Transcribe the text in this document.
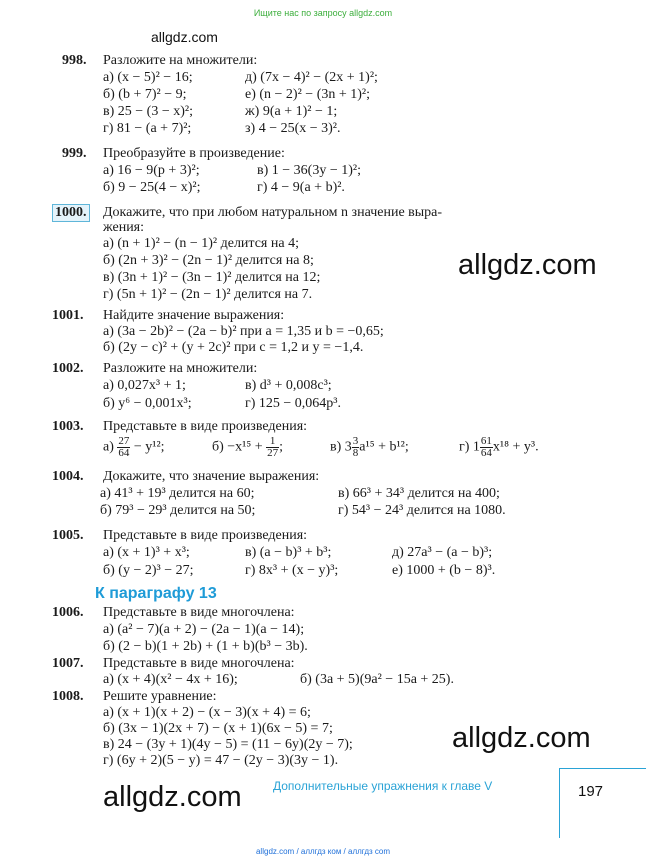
Ищите нас по запросу allgdz.com
allgdz.com
998. Разложите на множители:
а) (x − 5)² − 16;	д) (7x − 4)² − (2x + 1)²;
б) (b + 7)² − 9;	е) (n − 2)² − (3n + 1)²;
в) 25 − (3 − x)²;	ж) 9(a + 1)² − 1;
г) 81 − (a + 7)²;	з) 4 − 25(x − 3)².
999. Преобразуйте в произведение:
а) 16 − 9(p + 3)²;	в) 1 − 36(3y − 1)²;
б) 9 − 25(4 − x)²;	г) 4 − 9(a + b)².
1000. Докажите, что при любом натуральном n значение выра-
жения:
а) (n + 1)² − (n − 1)² делится на 4;
б) (2n + 3)² − (2n − 1)² делится на 8;
в) (3n + 1)² − (3n − 1)² делится на 12;
г) (5n + 1)² − (2n − 1)² делится на 7.
allgdz.com
1001. Найдите значение выражения:
а) (3a − 2b)² − (2a − b)² при a = 1,35 и b = −0,65;
б) (2y − c)² + (y + 2c)² при c = 1,2 и y = −1,4.
1002. Разложите на множители:
а) 0,027x³ + 1;	в) d³ + 0,008c³;
б) y⁶ − 0,001x³;	г) 125 − 0,064p³.
1003. Представьте в виде произведения:
$а) \frac{27}{64} - y^{12}$;	$б) -x^{15} + \frac{1}{27}$ ;	в) $3 \frac{3}{8} a^{15} + b^{12}$;	г) $1 \frac{61}{64} x^{18} + y^3$.
1004. Докажите, что значение выражения:
а) 41³ + 19³ делится на 60;	в) 66³ + 34³ делится на 400;
б) 79³ − 29³ делится на 50;	г) 54³ − 24³ делится на 1080.
1005. Представьте в виде произведения:
а) (x + 1)³ + x³;	в) (a − b)³ + b³;	д) 27a³ − (a − b)³;
б) (y − 2)³ − 27;	г) 8x³ + (x − y)³;	е) 1000 + (b − 8)³.
К параграфу 13
1006. Представьте в виде многочлена:
а) (a² − 7)(a + 2) − (2a − 1)(a − 14);
б) (2 − b)(1 + 2b) + (1 + b)(b³ − 3b).
1007. Представьте в виде многочлена:
а) (x + 4)(x² − 4x + 16);	б) (3a + 5)(9a² − 15a + 25).
1008. Решите уравнение:
а) (x + 1)(x + 2) − (x − 3)(x + 4) = 6;
б) (3x − 1)(2x + 7) − (x + 1)(6x − 5) = 7;
в) 24 − (3y + 1)(4y − 5) = (11 − 6y)(2y − 7);
г) (6y + 2)(5 − y) = 47 − (2y − 3)(3y − 1).
allgdz.com
allgdz.com	Дополнительные упражнения к главе V	197
allgdz.com / аллгдз ком / аллгдз com
